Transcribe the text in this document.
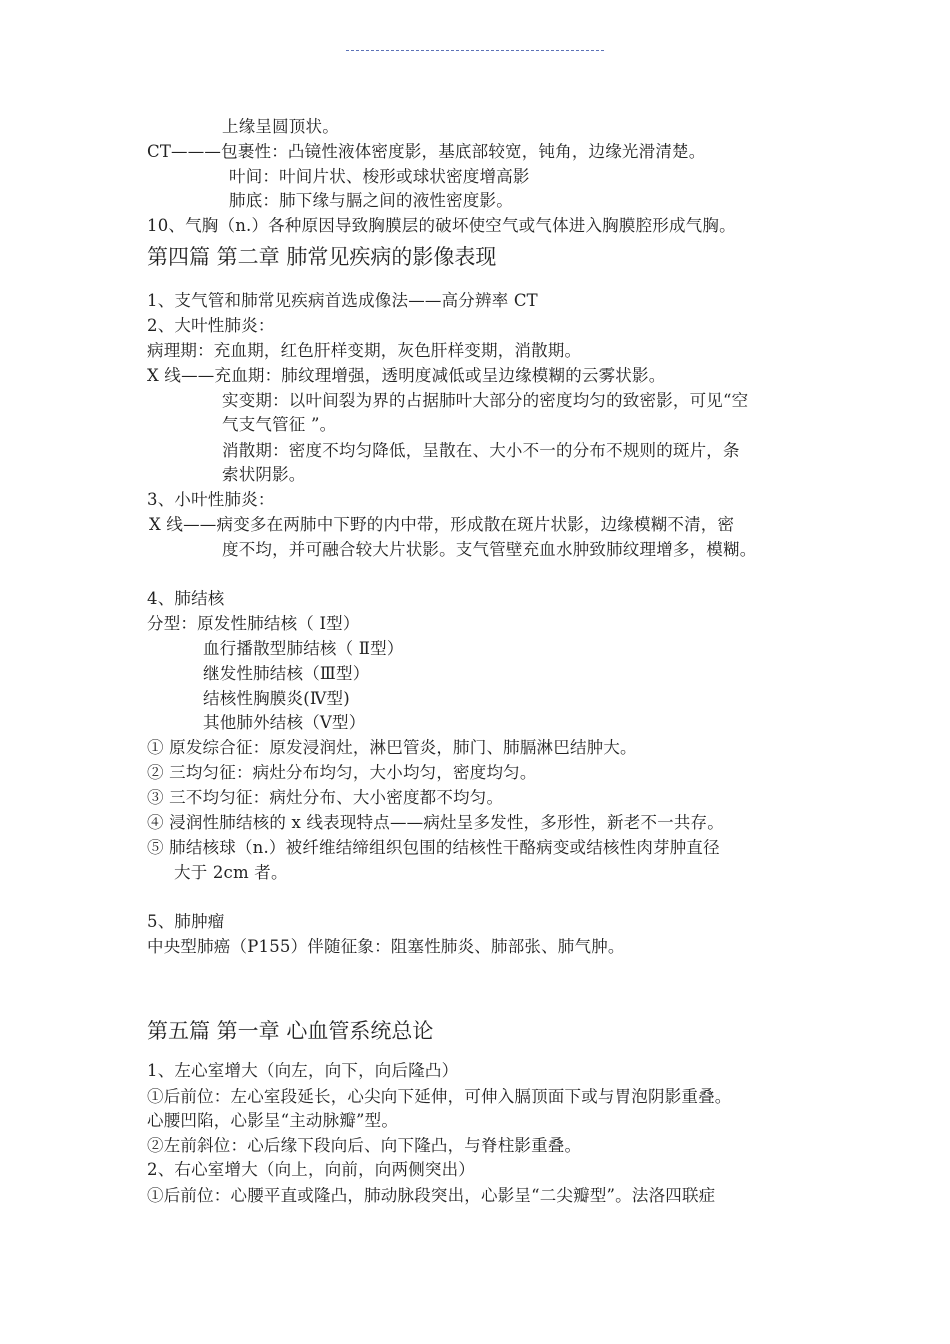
上缘呈圆顶状。
CT———包裹性：凸镜性液体密度影，基底部较宽，钝角，边缘光滑清楚。
叶间：叶间片状、梭形或球状密度增高影
肺底：肺下缘与膈之间的液性密度影。
10、气胸（n.）各种原因导致胸膜层的破坏使空气或气体进入胸膜腔形成气胸。
第四篇 第二章 肺常见疾病的影像表现
1、支气管和肺常见疾病首选成像法——高分辨率 CT
2、大叶性肺炎：
病理期：充血期，红色肝样变期，灰色肝样变期，消散期。
X 线——充血期：肺纹理增强，透明度减低或呈边缘模糊的云雾状影。
实变期：以叶间裂为界的占据肺叶大部分的密度均匀的致密影，可见“空
气支气管征 ”。
消散期：密度不均匀降低，呈散在、大小不一的分布不规则的斑片，条
索状阴影。
3、小叶性肺炎：
X 线——病变多在两肺中下野的内中带，形成散在斑片状影，边缘模糊不清，密
度不均，并可融合较大片状影。支气管壁充血水肿致肺纹理增多，模糊。
4、肺结核
分型：原发性肺结核（ Ⅰ型）
血行播散型肺结核（ Ⅱ型）
继发性肺结核（Ⅲ型）
结核性胸膜炎(Ⅳ型)
其他肺外结核（Ⅴ型）
① 原发综合征：原发浸润灶，淋巴管炎，肺门、肺膈淋巴结肿大。
② 三均匀征：病灶分布均匀，大小均匀，密度均匀。
③ 三不均匀征：病灶分布、大小密度都不均匀。
④ 浸润性肺结核的 x 线表现特点——病灶呈多发性，多形性，新老不一共存。
⑤ 肺结核球（n.）被纤维结缔组织包围的结核性干酪病变或结核性肉芽肿直径
大于 2cm 者。
5、肺肿瘤
中央型肺癌（P155）伴随征象：阻塞性肺炎、肺部张、肺气肿。
第五篇 第一章 心血管系统总论
1、左心室增大（向左，向下，向后隆凸）
①后前位：左心室段延长，心尖向下延伸，可伸入膈顶面下或与胃泡阴影重叠。
心腰凹陷，心影呈“主动脉瓣”型。
②左前斜位：心后缘下段向后、向下隆凸，与脊柱影重叠。
2、右心室增大（向上，向前，向两侧突出）
①后前位：心腰平直或隆凸，肺动脉段突出，心影呈“二尖瓣型”。法洛四联症
